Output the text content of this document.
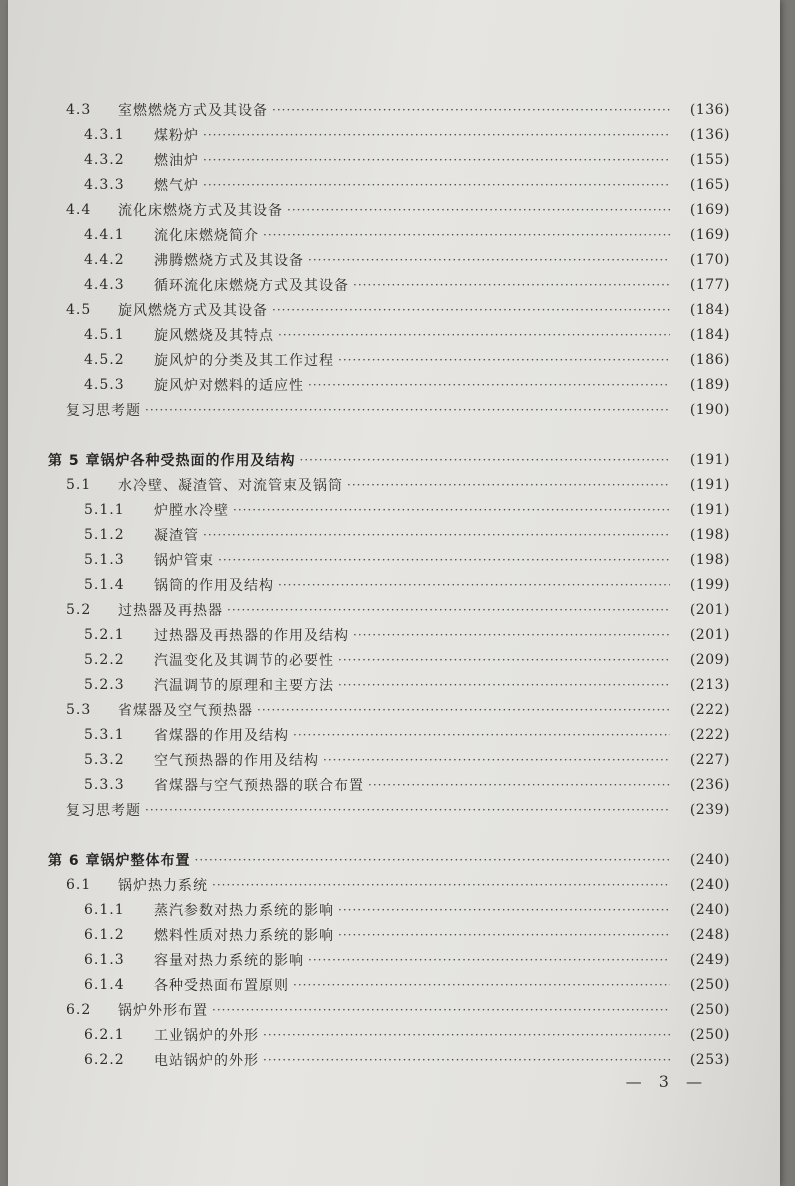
4.3	室燃燃烧方式及其设备 ·····	(136)
4.3.1	煤粉炉 ·····	(136)
4.3.2	燃油炉 ·····	(155)
4.3.3	燃气炉 ·····	(165)
4.4	流化床燃烧方式及其设备 ·····	(169)
4.4.1	流化床燃烧简介 ·····	(169)
4.4.2	沸腾燃烧方式及其设备 ·····	(170)
4.4.3	循环流化床燃烧方式及其设备 ·····	(177)
4.5	旋风燃烧方式及其设备 ·····	(184)
4.5.1	旋风燃烧及其特点 ·····	(184)
4.5.2	旋风炉的分类及其工作过程 ·····	(186)
4.5.3	旋风炉对燃料的适应性 ·····	(189)
复习思考题 ·····	(190)
第 5 章 锅炉各种受热面的作用及结构 ·····	(191)
5.1	水冷壁、凝渣管、对流管束及锅筒 ·····	(191)
5.1.1	炉膛水冷壁 ·····	(191)
5.1.2	凝渣管 ·····	(198)
5.1.3	锅炉管束 ·····	(198)
5.1.4	锅筒的作用及结构 ·····	(199)
5.2	过热器及再热器 ·····	(201)
5.2.1	过热器及再热器的作用及结构 ·····	(201)
5.2.2	汽温变化及其调节的必要性 ·····	(209)
5.2.3	汽温调节的原理和主要方法 ·····	(213)
5.3	省煤器及空气预热器 ·····	(222)
5.3.1	省煤器的作用及结构 ·····	(222)
5.3.2	空气预热器的作用及结构 ·····	(227)
5.3.3	省煤器与空气预热器的联合布置 ·····	(236)
复习思考题 ·····	(239)
第 6 章 锅炉整体布置 ·····	(240)
6.1	锅炉热力系统 ·····	(240)
6.1.1	蒸汽参数对热力系统的影响 ·····	(240)
6.1.2	燃料性质对热力系统的影响 ·····	(248)
6.1.3	容量对热力系统的影响 ·····	(249)
6.1.4	各种受热面布置原则 ·····	(250)
6.2	锅炉外形布置 ·····	(250)
6.2.1	工业锅炉的外形 ·····	(250)
6.2.2	电站锅炉的外形 ·····	(253)
— 3 —
